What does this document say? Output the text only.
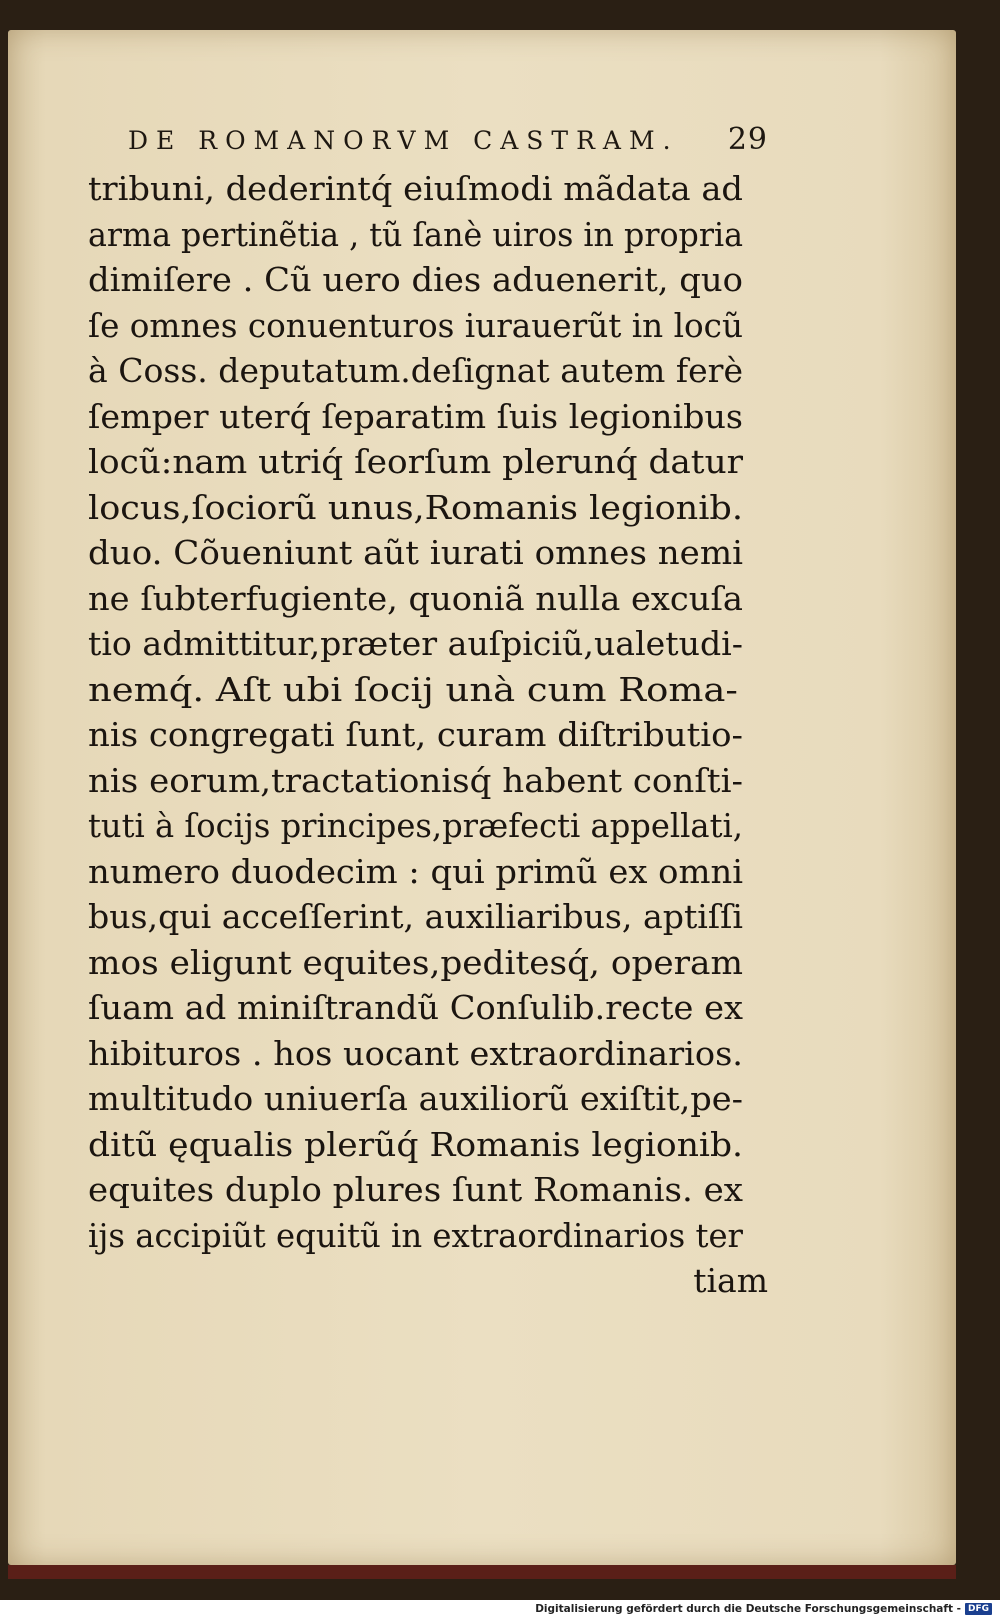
DE ROMANORVM CASTRAM. 29
tribuni, dederintq́ eiuſmodi mãdata ad
arma pertinẽtia , tũ ſanè uiros in propria
dimiſere . Cũ uero dies aduenerit, quo
ſe omnes conuenturos iurauerũt in locũ
à Coss. deputatum.deſignat autem ferè
ſemper uterq́ ſeparatim ſuis legionibus
locũ:nam utriq́ ſeorſum plerunq́ datur
locus,ſociorũ unus,Romanis legionib.
duo. Cõueniunt aũt iurati omnes nemi
ne ſubterfugiente, quoniã nulla excuſa
tio admittitur,præter auſpiciũ,ualetudi-
nemq́. Aſt ubi ſocij unà cum Roma-
nis congregati ſunt, curam diſtributio-
nis eorum,tractationisq́ habent conſti-
tuti à ſocijs principes,præfecti appellati,
numero duodecim : qui primũ ex omni
bus,qui acceſſerint, auxiliaribus, aptiſſi
mos eligunt equites,peditesq́, operam
ſuam ad miniſtrandũ Conſulib.recte ex
hibituros . hos uocant extraordinarios.
multitudo uniuerſa auxiliorũ exiſtit,pe-
ditũ ęqualis plerũq́ Romanis legionib.
equites duplo plures ſunt Romanis. ex
ijs accipiũt equitũ in extraordinarios ter
tiam
Digitalisierung gefördert durch die Deutsche Forschungsgemeinschaft - DFG
